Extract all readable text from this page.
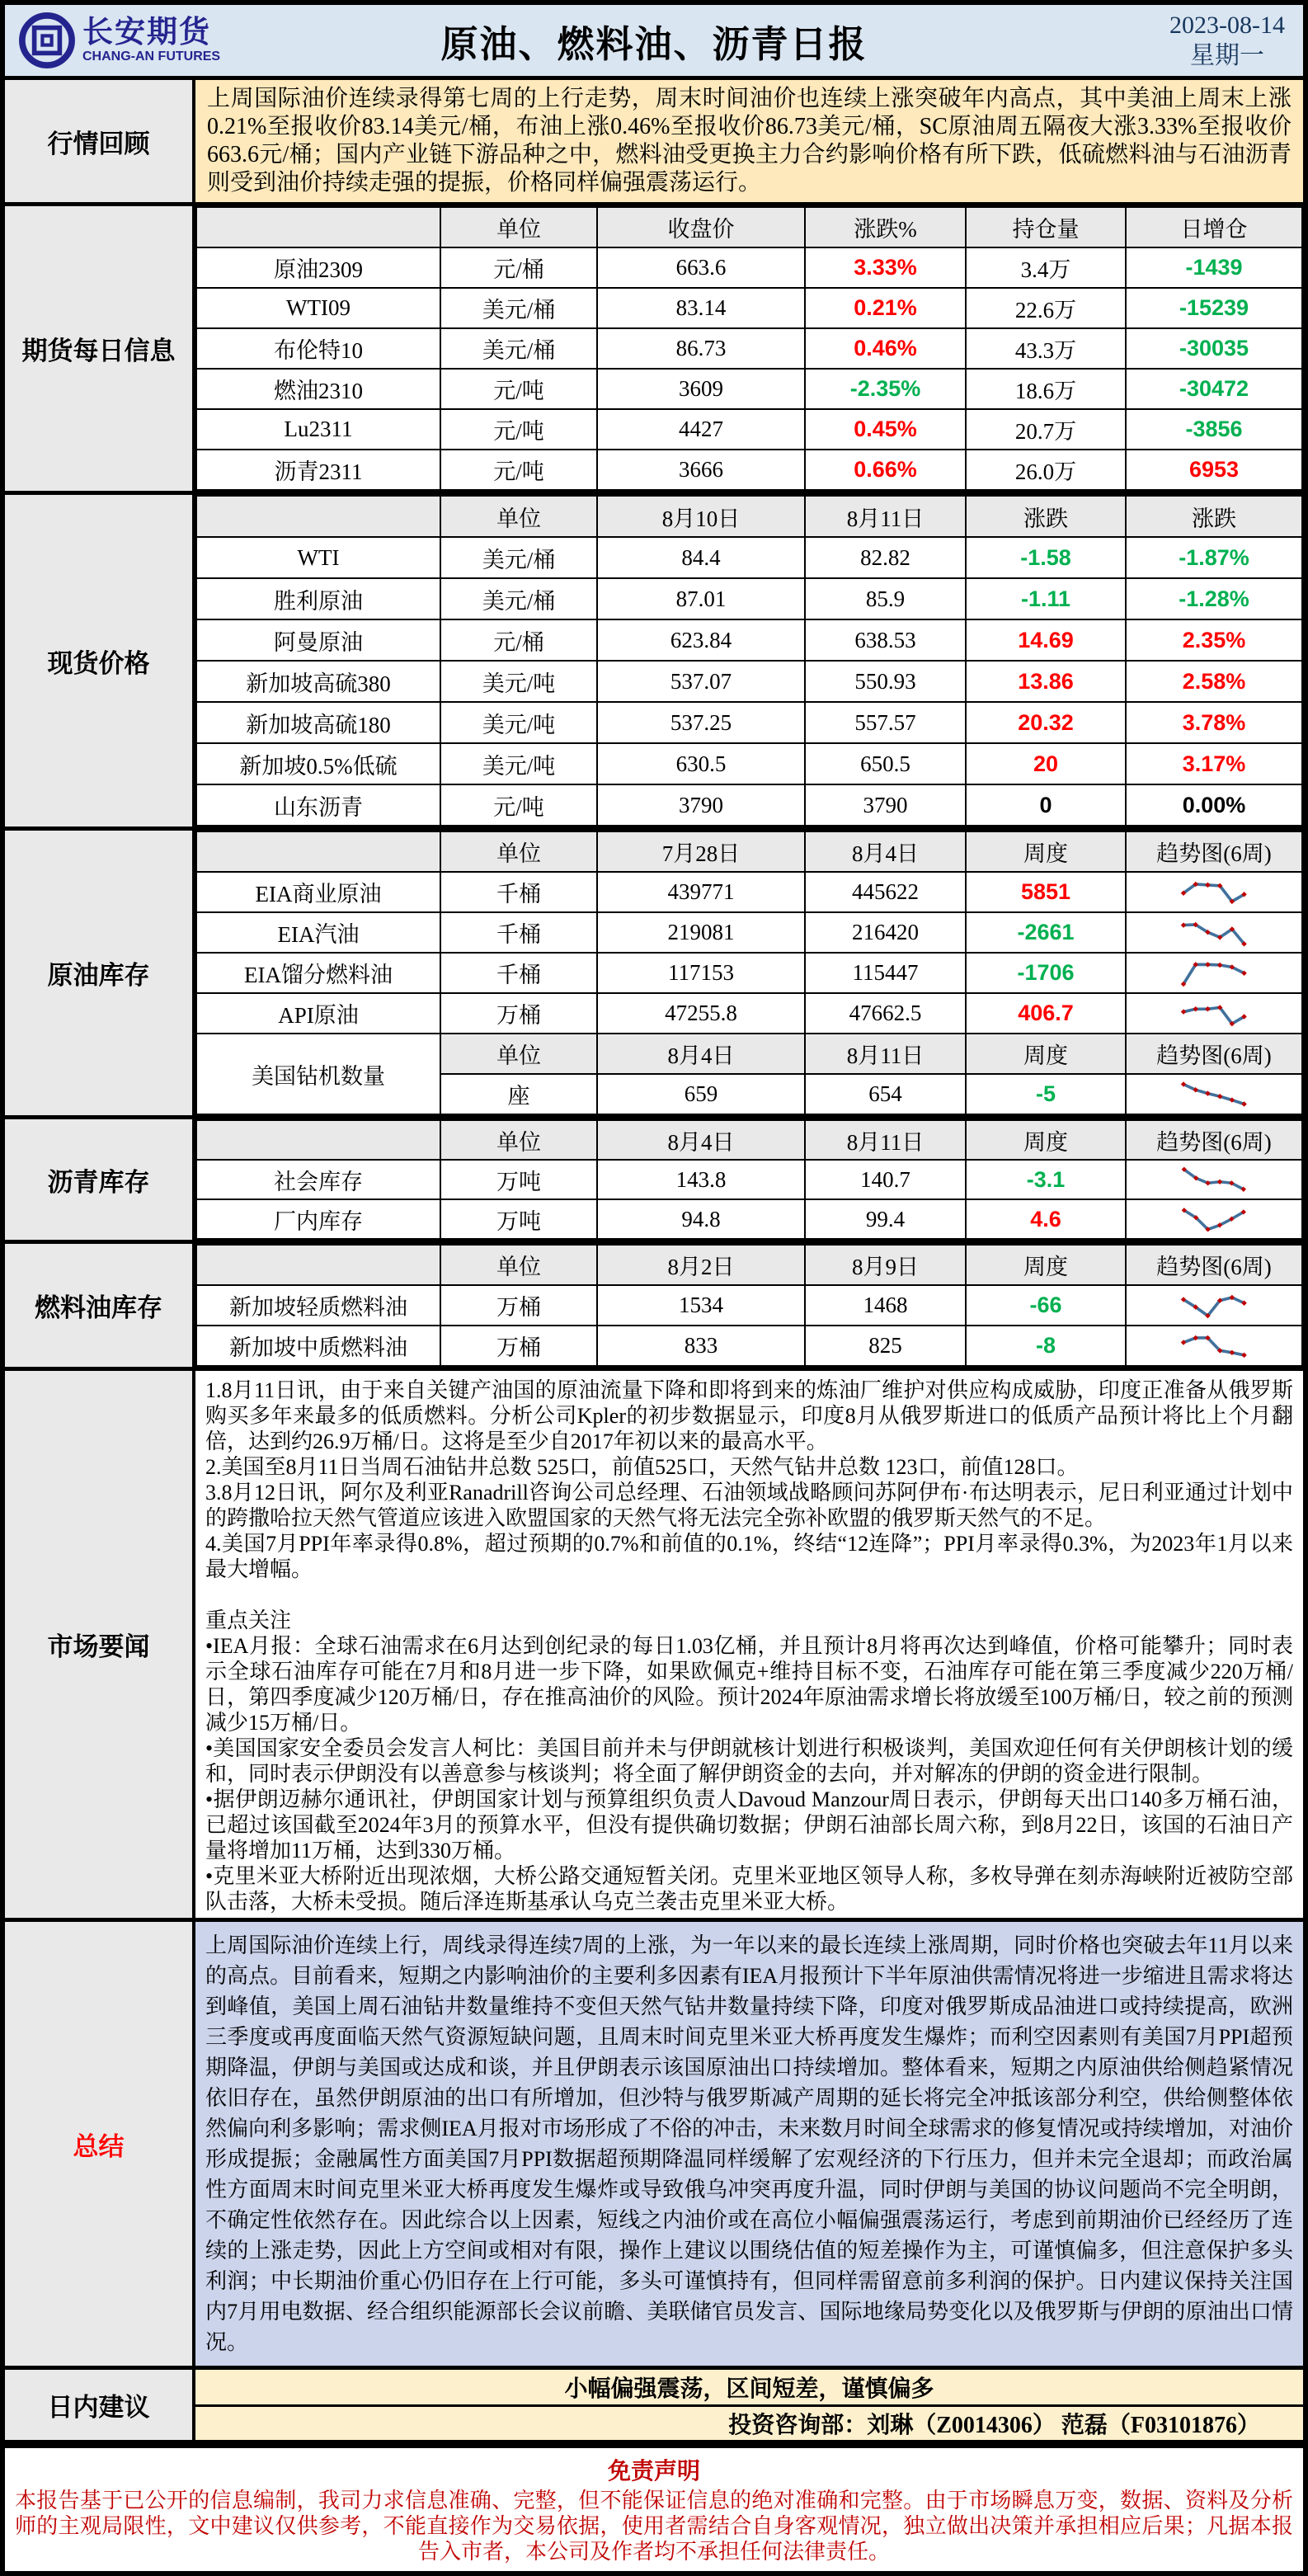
长安期货
CHANG-AN FUTURES	原油、燃料油、沥青日报	2023-08-14
星期一
行情回顾

上周国际油价连续录得第七周的上行走势，周末时间油价也连续上涨突破年内高点，其中美油上周末上涨0.21%至报收价83.14美元/桶，布油上涨0.46%至报收价86.73美元/桶，SC原油周五隔夜大涨3.33%至报收价663.6元/桶；国内产业链下游品种之中，燃料油受更换主力合约影响价格有所下跌，低硫燃料油与石油沥青则受到油价持续走强的提振，价格同样偏强震荡运行。

期货每日信息
	单位	收盘价	涨跌%	持仓量	日增仓
原油2309	元/桶	663.6	3.33%	3.4万	-1439
WTI09	美元/桶	83.14	0.21%	22.6万	-15239
布伦特10	美元/桶	86.73	0.46%	43.3万	-30035
燃油2310	元/吨	3609	-2.35%	18.6万	-30472
Lu2311	元/吨	4427	0.45%	20.7万	-3856
沥青2311	元/吨	3666	0.66%	26.0万	6953
现货价格
	单位	8月10日	8月11日	涨跌	涨跌
WTI	美元/桶	84.4	82.82	-1.58	-1.87%
胜利原油	美元/桶	87.01	85.9	-1.11	-1.28%
阿曼原油	元/桶	623.84	638.53	14.69	2.35%
新加坡高硫380	美元/吨	537.07	550.93	13.86	2.58%
新加坡高硫180	美元/吨	537.25	557.57	20.32	3.78%
新加坡0.5%低硫	美元/吨	630.5	650.5	20	3.17%
山东沥青	元/吨	3790	3790	0	0.00%
原油库存
	单位	7月28日	8月4日	周度	趋势图(6周)
EIA商业原油	千桶	439771	445622	5851	

EIA汽油	千桶	219081	216420	-2661	

EIA馏分燃料油	千桶	117153	115447	-1706	

API原油	万桶	47255.8	47662.5	406.7	

美国钻机数量	单位	8月4日	8月11日	周度	趋势图(6周)
	座	659	654	-5	
沥青库存
	单位	8月4日	8月11日	周度	趋势图(6周)
社会库存	万吨	143.8	140.7	-3.1	

厂内库存	万吨	94.8	99.4	4.6	
燃料油库存
	单位	8月2日	8月9日	周度	趋势图(6周)
新加坡轻质燃料油	万桶	1534	1468	-66	

新加坡中质燃料油	万桶	833	825	-8	
市场要闻

1.8月11日讯，由于来自关键产油国的原油流量下降和即将到来的炼油厂维护对供应构成威胁，印度正准备从俄罗斯购买多年来最多的低质燃料。分析公司Kpler的初步数据显示，印度8月从俄罗斯进口的低质产品预计将比上个月翻倍，达到约26.9万桶/日。这将是至少自2017年初以来的最高水平。

2.美国至8月11日当周石油钻井总数 525口，前值525口，天然气钻井总数 123口，前值128口。

3.8月12日讯，阿尔及利亚Ranadrill咨询公司总经理、石油领域战略顾问苏阿伊布·布达明表示，尼日利亚通过计划中的跨撒哈拉天然气管道应该进入欧盟国家的天然气将无法完全弥补欧盟的俄罗斯天然气的不足。

4.美国7月PPI年率录得0.8%，超过预期的0.7%和前值的0.1%，终结“12连降”；PPI月率录得0.3%，为2023年1月以来最大增幅。

重点关注

•IEA月报：全球石油需求在6月达到创纪录的每日1.03亿桶，并且预计8月将再次达到峰值，价格可能攀升；同时表示全球石油库存可能在7月和8月进一步下降，如果欧佩克+维持目标不变，石油库存可能在第三季度减少220万桶/日，第四季度减少120万桶/日，存在推高油价的风险。预计2024年原油需求增长将放缓至100万桶/日，较之前的预测减少15万桶/日。

•美国国家安全委员会发言人柯比：美国目前并未与伊朗就核计划进行积极谈判，美国欢迎任何有关伊朗核计划的缓和，同时表示伊朗没有以善意参与核谈判；将全面了解伊朗资金的去向，并对解冻的伊朗的资金进行限制。

•据伊朗迈赫尔通讯社，伊朗国家计划与预算组织负责人Davoud Manzour周日表示，伊朗每天出口140多万桶石油，已超过该国截至2024年3月的预算水平，但没有提供确切数据；伊朗石油部长周六称，到8月22日，该国的石油日产量将增加11万桶，达到330万桶。

•克里米亚大桥附近出现浓烟，大桥公路交通短暂关闭。克里米亚地区领导人称，多枚导弹在刻赤海峡附近被防空部队击落，大桥未受损。随后泽连斯基承认乌克兰袭击克里米亚大桥。

总结

上周国际油价连续上行，周线录得连续7周的上涨，为一年以来的最长连续上涨周期，同时价格也突破去年11月以来的高点。目前看来，短期之内影响油价的主要利多因素有IEA月报预计下半年原油供需情况将进一步缩进且需求将达到峰值，美国上周石油钻井数量维持不变但天然气钻井数量持续下降，印度对俄罗斯成品油进口或持续提高，欧洲三季度或再度面临天然气资源短缺问题，且周末时间克里米亚大桥再度发生爆炸；而利空因素则有美国7月PPI超预期降温，伊朗与美国或达成和谈，并且伊朗表示该国原油出口持续增加。整体看来，短期之内原油供给侧趋紧情况依旧存在，虽然伊朗原油的出口有所增加，但沙特与俄罗斯减产周期的延长将完全冲抵该部分利空，供给侧整体依然偏向利多影响；需求侧IEA月报对市场形成了不俗的冲击，未来数月时间全球需求的修复情况或持续增加，对油价形成提振；金融属性方面美国7月PPI数据超预期降温同样缓解了宏观经济的下行压力，但并未完全退却；而政治属性方面周末时间克里米亚大桥再度发生爆炸或导致俄乌冲突再度升温，同时伊朗与美国的协议问题尚不完全明朗，不确定性依然存在。因此综合以上因素，短线之内油价或在高位小幅偏强震荡运行，考虑到前期油价已经经历了连续的上涨走势，因此上方空间或相对有限，操作上建议以围绕估值的短差操作为主，可谨慎偏多，但注意保护多头利润；中长期油价重心仍旧存在上行可能，多头可谨慎持有，但同样需留意前多利润的保护。日内建议保持关注国内7月用电数据、经合组织能源部长会议前瞻、美联储官员发言、国际地缘局势变化以及俄罗斯与伊朗的原油出口情况。

日内建议
小幅偏强震荡，区间短差，谨慎偏多
投资咨询部：刘琳（Z0014306） 范磊（F03101876）
免责声明

本报告基于已公开的信息编制，我司力求信息准确、完整，但不能保证信息的绝对准确和完整。由于市场瞬息万变，数据、资料及分析师的主观局限性，文中建议仅供参考，不能直接作为交易依据，使用者需结合自身客观情况，独立做出决策并承担相应后果；凡据本报告入市者，本公司及作者均不承担任何法律责任。
